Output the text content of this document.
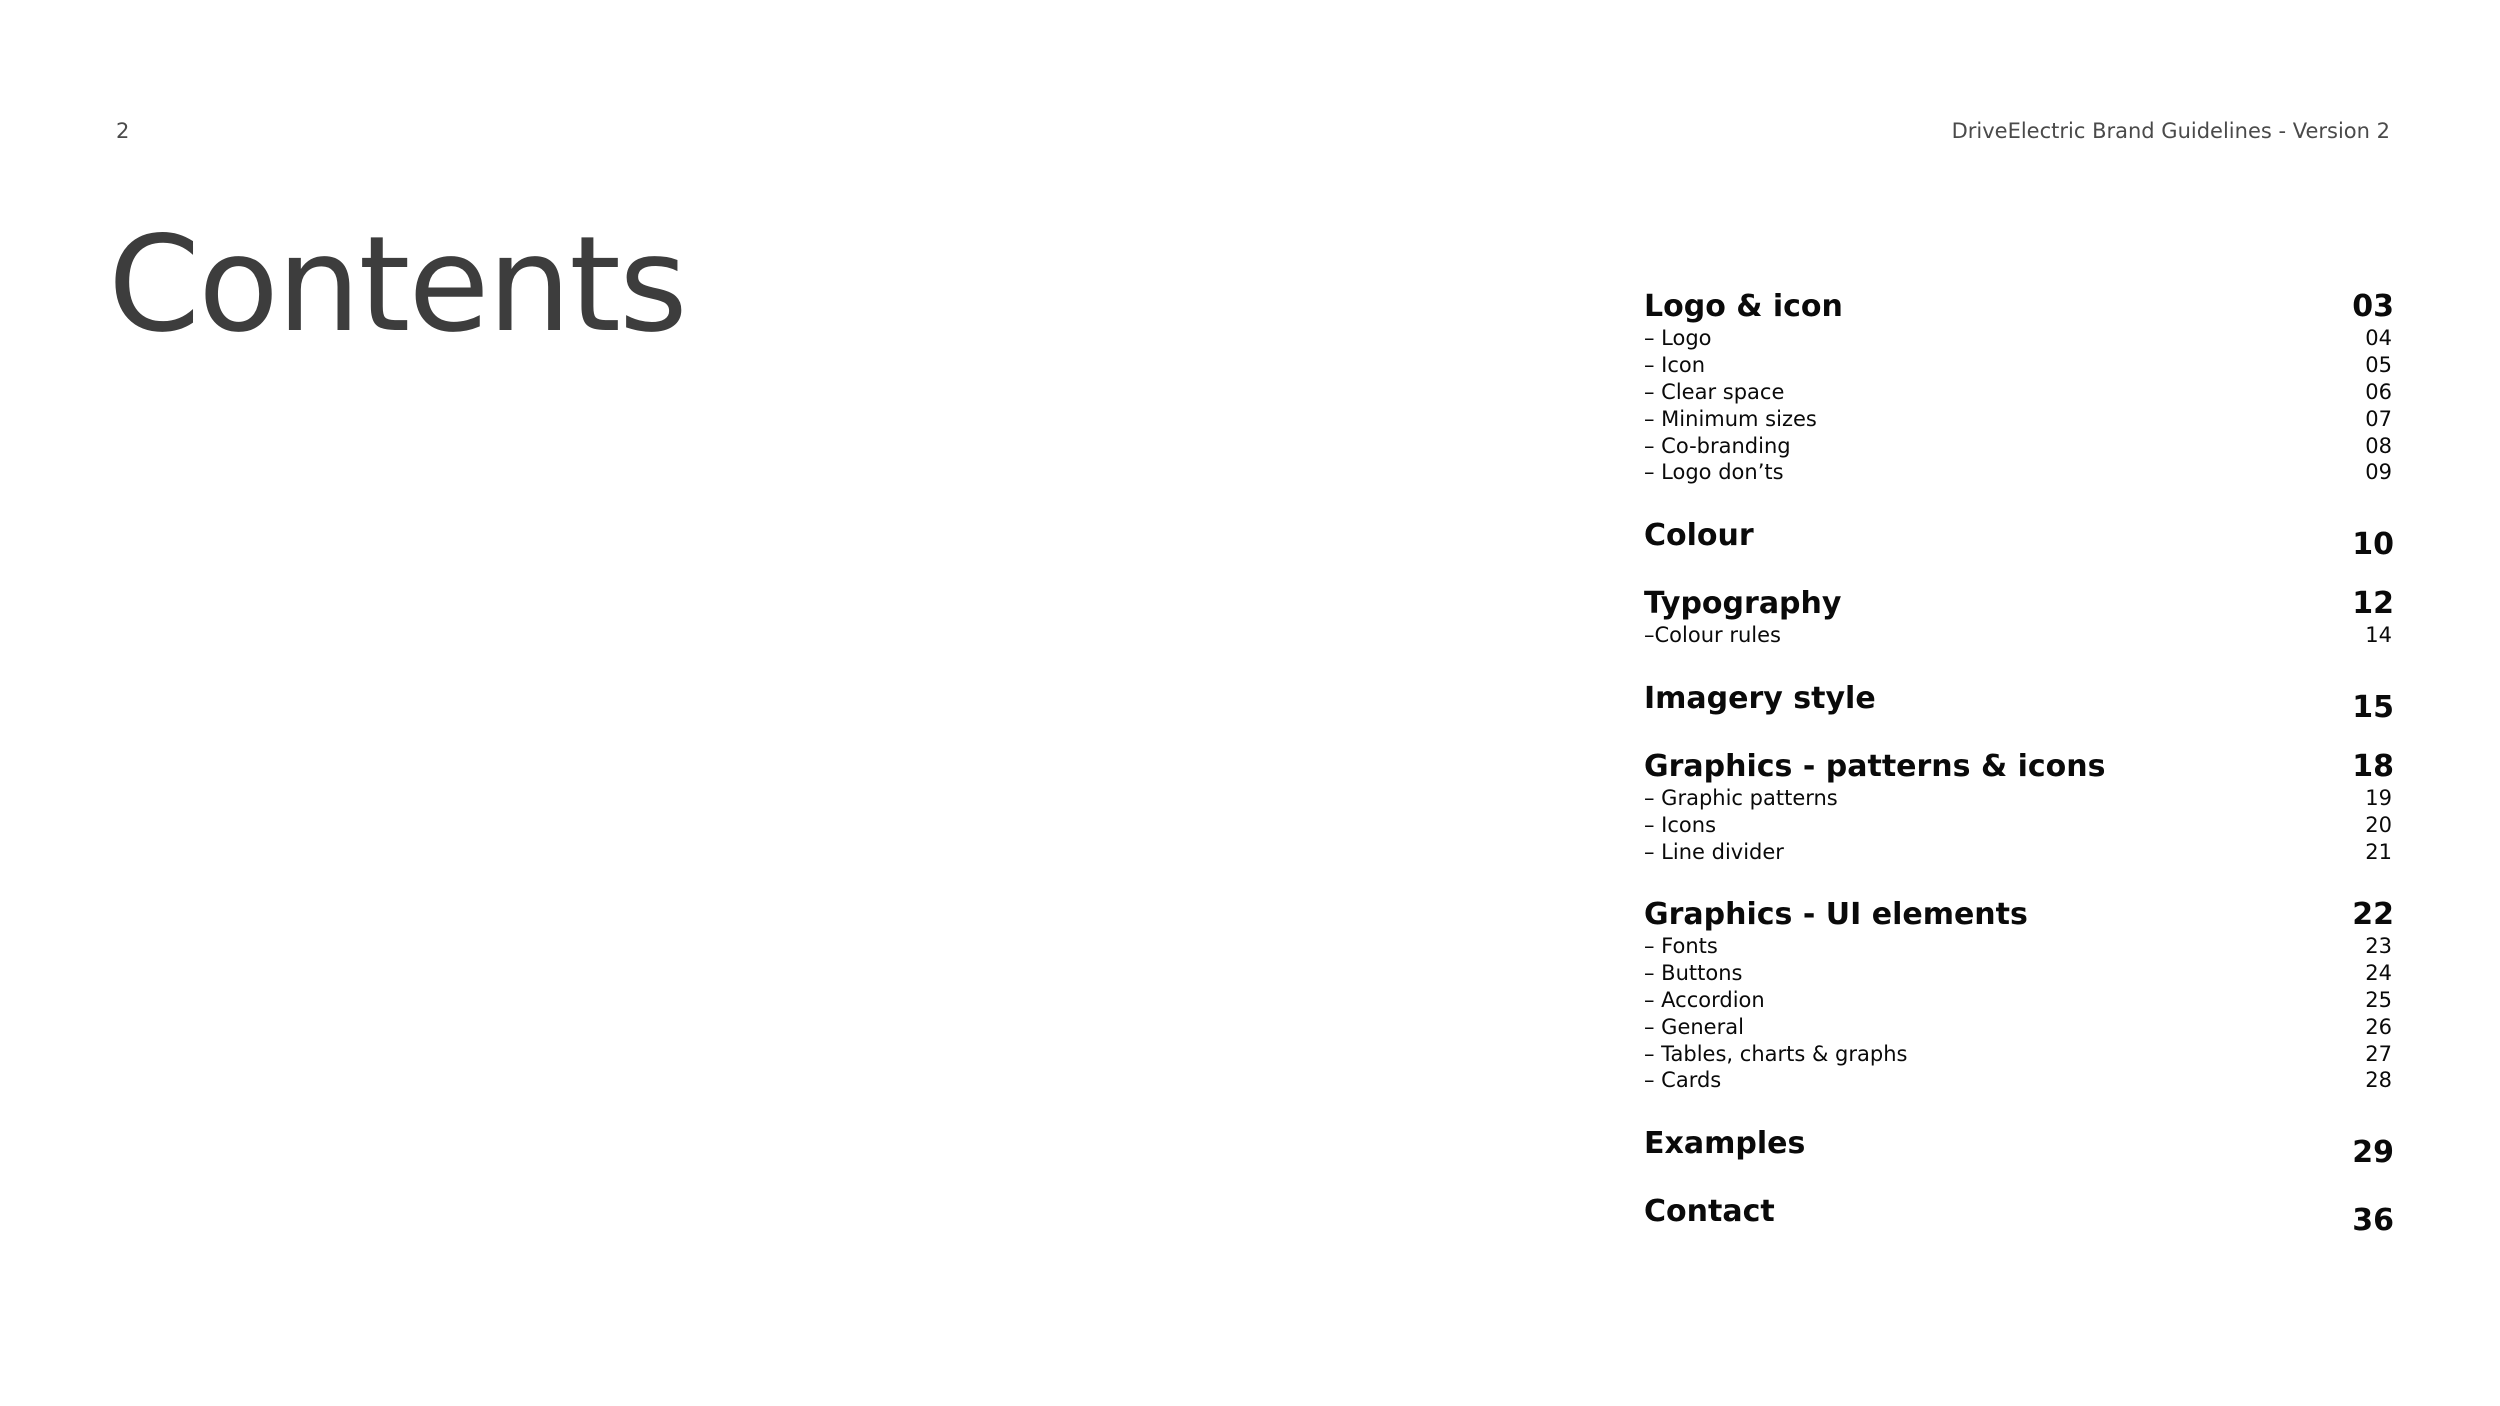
2	DriveElectric Brand Guidelines - Version 2
Contents	Logo & icon	03
– Logo	04
– Icon	05
– Clear space	06
– Minimum sizes	07
– Co-branding	08
– Logo don’ts	09
Colour	10
Typography	12
–Colour rules	14
Imagery style	15
Graphics - patterns & icons	18
– Graphic patterns	19
– Icons	20
– Line divider	21
Graphics - UI elements	22
– Fonts	23
– Buttons	24
– Accordion	25
– General	26
– Tables, charts & graphs	27
– Cards	28
Examples	29
Contact	36
